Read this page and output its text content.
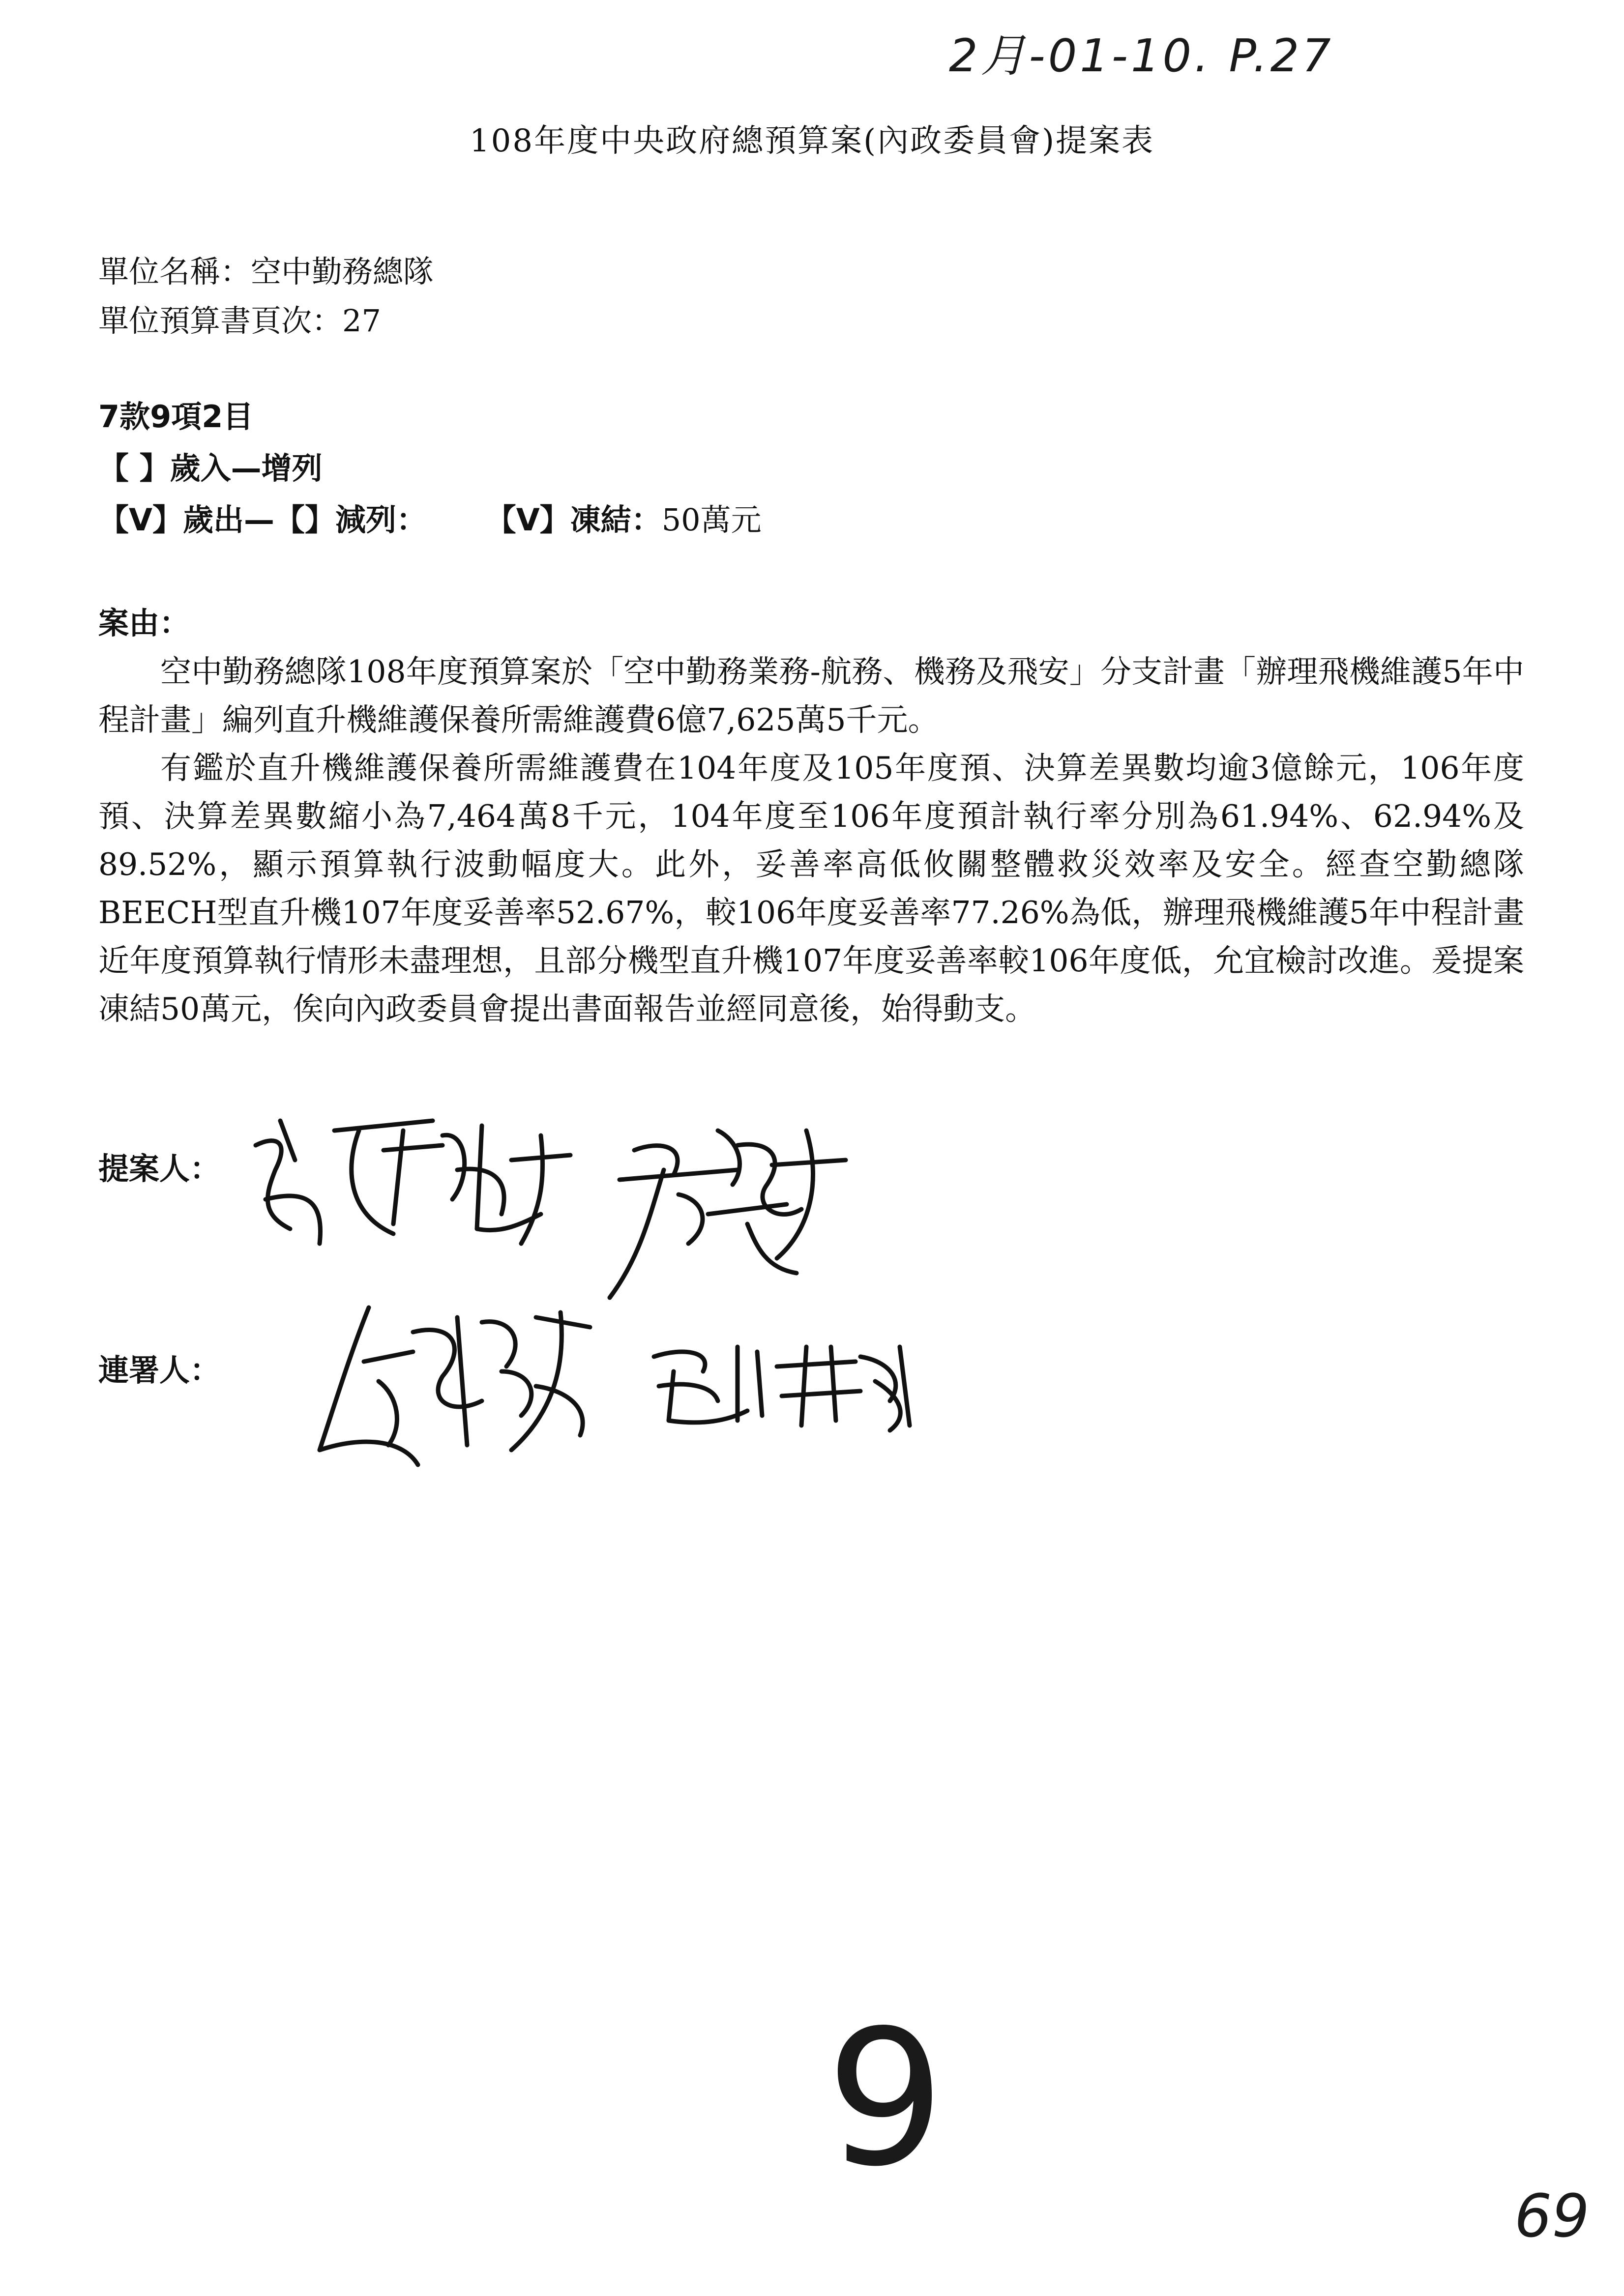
2月-01-10. P.27
108年度中央政府總預算案(內政委員會)提案表
單位名稱：空中勤務總隊
單位預算書頁次：27
7款9項2目
【 】歲入—增列
【V】歲出—【】減列： 【V】凍結：50萬元
案由：
空中勤務總隊108年度預算案於「空中勤務業務-航務、機務及飛安」分支計畫「辦理飛機維護5年中程計畫」編列直升機維護保養所需維護費6億7,625萬5千元。
有鑑於直升機維護保養所需維護費在104年度及105年度預、決算差異數均逾3億餘元，106年度預、決算差異數縮小為7,464萬8千元，104年度至106年度預計執行率分別為61.94%、62.94%及89.52%，顯示預算執行波動幅度大。此外，妥善率高低攸關整體救災效率及安全。經查空勤總隊BEECH型直升機107年度妥善率52.67%，較106年度妥善率77.26%為低，辦理飛機維護5年中程計畫近年度預算執行情形未盡理想，且部分機型直升機107年度妥善率較106年度低，允宜檢討改進。爰提案凍結50萬元，俟向內政委員會提出書面報告並經同意後，始得動支。
提案人：
連署人：
9
69
